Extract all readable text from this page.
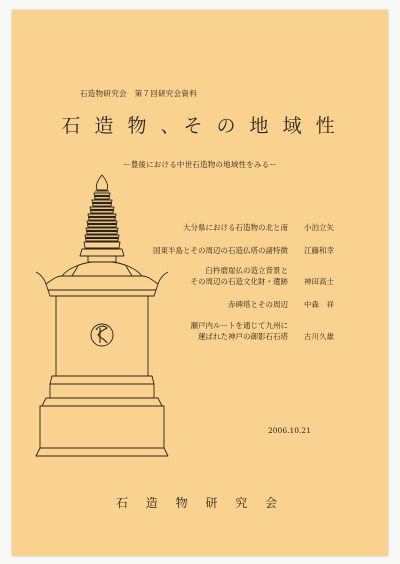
石造物研究会　第７回研究会資料
石 造 物 、そ の 地 域 性
ー豊後における中世石造物の地域性をみるー
大分県における石造物の北と南 小泊立矢
国東半島とその周辺の石造仏塔の諸特徴 江藤和幸
臼杵磨崖仏の造立背景と
その周辺の石造文化財・遺跡 神田高士
赤碑塔とその周辺 中森　祥
瀬戸内ルートを通じて九州に
運ばれた神戸の御影石石塔 古川久雄
2006.10.21
石 造 物 研 究 会
